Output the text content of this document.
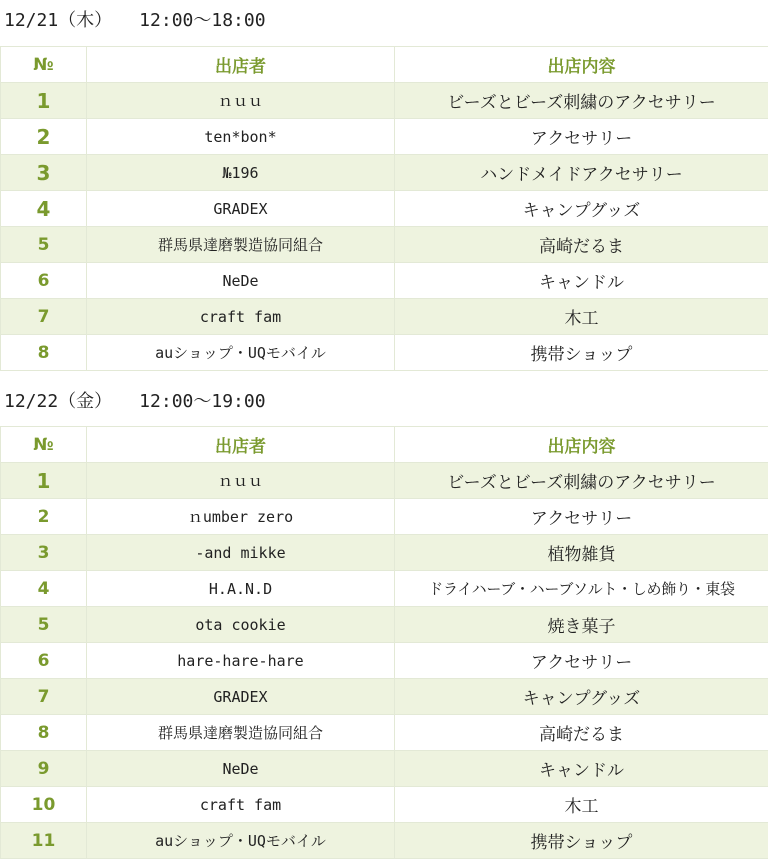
12/21（木）　　12:00〜18:00
№	出店者	出店内容
1	ｎｕｕ	ビーズとビーズ刺繍のアクセサリー
2	ten*bon*	アクセサリー
3	№196	ハンドメイドアクセサリー
4	GRADEX	キャンプグッズ
5	群馬県達磨製造協同組合	高崎だるま
6	NeDe	キャンドル
7	craft fam	木工
8	auショップ・UQモバイル	携帯ショップ
12/22（金）　　12:00〜19:00
№	出店者	出店内容
1	ｎｕｕ	ビーズとビーズ刺繍のアクセサリー
2	ｎumber zero	アクセサリー
3	-and mikke	植物雑貨
4	H.A.N.D	ドライハーブ・ハーブソルト・しめ飾り・東袋
5	ota cookie	焼き菓子
6	hare-hare-hare	アクセサリー
7	GRADEX	キャンプグッズ
8	群馬県達磨製造協同組合	高崎だるま
9	NeDe	キャンドル
10	craft fam	木工
11	auショップ・UQモバイル	携帯ショップ
